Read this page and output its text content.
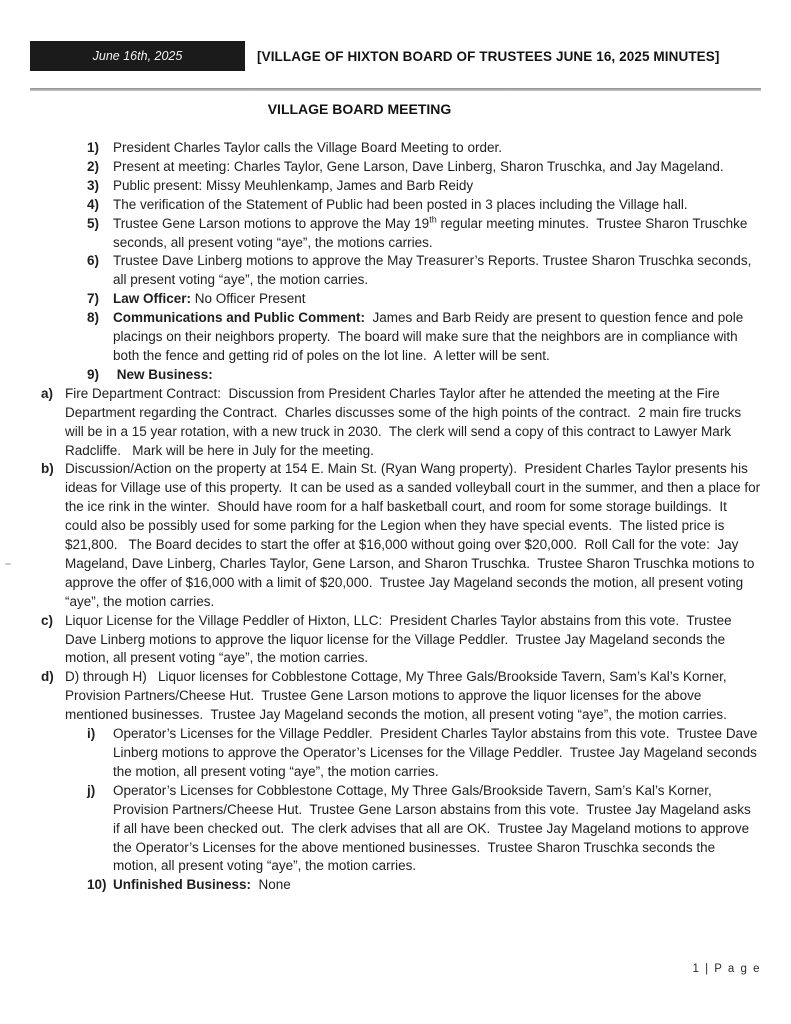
June 16th, 2025	[VILLAGE OF HIXTON BOARD OF TRUSTEES JUNE 16, 2025 MINUTES]
VILLAGE BOARD MEETING
1)	President Charles Taylor calls the Village Board Meeting to order.
2)	Present at meeting: Charles Taylor, Gene Larson, Dave Linberg, Sharon Truschka, and Jay Mageland.
3)	Public present: Missy Meuhlenkamp, James and Barb Reidy
4)	The verification of the Statement of Public had been posted in 3 places including the Village hall.
5)	Trustee Gene Larson motions to approve the May 19th regular meeting minutes.  Trustee Sharon Truschke seconds, all present voting “aye”, the motions carries.
6)	Trustee Dave Linberg motions to approve the May Treasurer’s Reports. Trustee Sharon Truschka seconds, all present voting “aye”, the motion carries.
7)	Law Officer: No Officer Present
8)	Communications and Public Comment:  James and Barb Reidy are present to question fence and pole placings on their neighbors property.  The board will make sure that the neighbors are in compliance with both the fence and getting rid of poles on the lot line.  A letter will be sent.
9)	New Business:
a) Fire Department Contract:  Discussion from President Charles Taylor after he attended the meeting at the Fire Department regarding the Contract.  Charles discusses some of the high points of the contract.  2 main fire trucks will be in a 15 year rotation, with a new truck in 2030.  The clerk will send a copy of this contract to Lawyer Mark Radcliffe.   Mark will be here in July for the meeting.
b) Discussion/Action on the property at 154 E. Main St. (Ryan Wang property).  President Charles Taylor presents his ideas for Village use of this property.  It can be used as a sanded volleyball court in the summer, and then a place for the ice rink in the winter.  Should have room for a half basketball court, and room for some storage buildings.  It could also be possibly used for some parking for the Legion when they have special events.  The listed price is $21,800.   The Board decides to start the offer at $16,000 without going over $20,000.  Roll Call for the vote:  Jay Mageland, Dave Linberg, Charles Taylor, Gene Larson, and Sharon Truschka.  Trustee Sharon Truschka motions to approve the offer of $16,000 with a limit of $20,000.  Trustee Jay Mageland seconds the motion, all present voting “aye”, the motion carries.
c) Liquor License for the Village Peddler of Hixton, LLC:  President Charles Taylor abstains from this vote.  Trustee Dave Linberg motions to approve the liquor license for the Village Peddler.  Trustee Jay Mageland seconds the motion, all present voting “aye”, the motion carries.
d) D) through H)   Liquor licenses for Cobblestone Cottage, My Three Gals/Brookside Tavern, Sam’s Kal’s Korner, Provision Partners/Cheese Hut.  Trustee Gene Larson motions to approve the liquor licenses for the above mentioned businesses.  Trustee Jay Mageland seconds the motion, all present voting “aye”, the motion carries.
i)	Operator’s Licenses for the Village Peddler.  President Charles Taylor abstains from this vote.  Trustee Dave Linberg motions to approve the Operator’s Licenses for the Village Peddler.  Trustee Jay Mageland seconds the motion, all present voting “aye”, the motion carries.
j)	Operator’s Licenses for Cobblestone Cottage, My Three Gals/Brookside Tavern, Sam’s Kal’s Korner, Provision Partners/Cheese Hut.  Trustee Gene Larson abstains from this vote.  Trustee Jay Mageland asks if all have been checked out.  The clerk advises that all are OK.  Trustee Jay Mageland motions to approve the Operator’s Licenses for the above mentioned businesses.  Trustee Sharon Truschka seconds the motion, all present voting “aye”, the motion carries.
10) Unfinished Business:  None
1 | P a g e
